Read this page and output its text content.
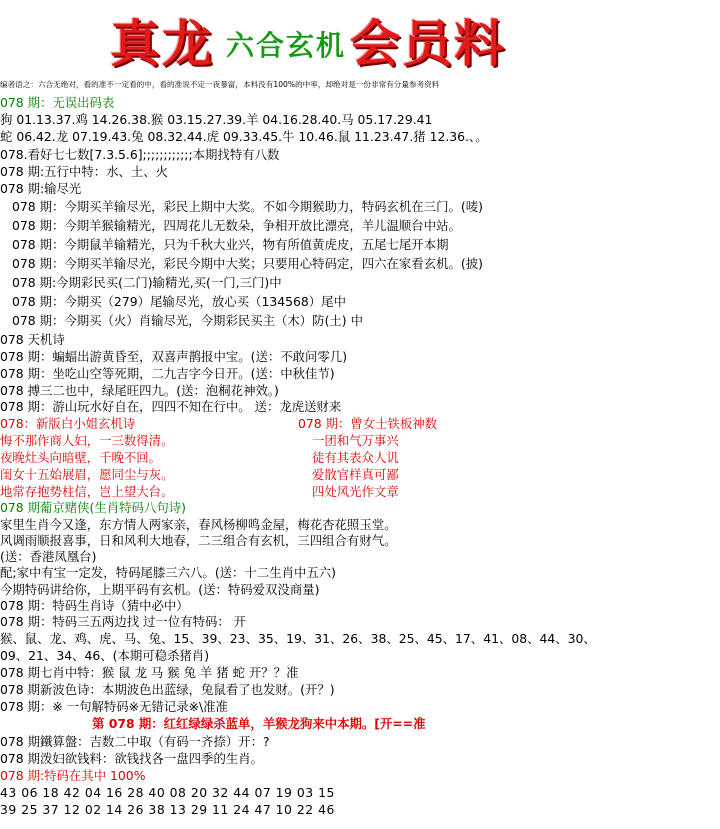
真龙 六合玄机 会员料
编者语之：六合无绝对，看的准不一定看的中，看的准说不定一夜暴富，本料没有100%的中率，却绝对是一份非常有分量参考资料
078 期：无误出码表
狗 01.13.37.鸡 14.26.38.猴 03.15.27.39.羊 04.16.28.40.马 05.17.29.41
蛇 06.42.龙 07.19.43.兔 08.32.44.虎 09.33.45.牛 10.46.鼠 11.23.47.猪 12.36.、。
078.看好七七数[7.3.5.6];;;;;;;;;;;;本期找特有八数
078 期:五行中特：水、土、火
078 期:输尽光
078 期：今期买羊输尽光，彩民上期中大奖。不如今期猴助力，特码玄机在三门。(唛)
078 期：今期羊猴输精光，四周花儿无数朵，争相开放比漂亮，羊儿温顺台中站。
078 期：今期鼠羊输精光，只为千秋大业兴，物有所值黄虎皮，五尾七尾开本期
078 期：今期买羊输尽光，彩民今期中大奖；只要用心特码定，四六在家看玄机。(披)
078 期:今期彩民买(二门)输精光,买(一门,三门)中
078 期：今期买（279）尾输尽光，放心买（134568）尾中
078 期：今期买（火）肖输尽光，今期彩民买主（木）防(土) 中
078 天机诗
078 期：蝙蝠出游黄昏至，双喜声鹊报中宝。(送：不敢问零几)
078 期：坐吃山空等死期，二九吉字今日开。(送：中秋佳节)
078 搏三二也中，绿尾旺四九。(送：泡桐花神效。)
078 期：游山玩水好自在，四四不知在行中。 送：龙虎送财来
078：新版白小姐玄机诗	078 期：曾女士铁板神数
悔不那作商人妇，一三数得清。	一团和气万事兴
夜晚灶头向暗壁，千晚不回。	徒有其表众人讥
闺女十五始展眉，愿同尘与灰。	爱散官样真可鄙
地常存抱势柱信，岂上望大台。	四处风光作文章
078 期葡京赌侠(生肖特码八句诗)
家里生肖今又逢，东方情人两家亲，春风杨柳鸣金屋，梅花杏花照玉堂。
风调雨顺报喜事，日和风利大地春，二三组合有玄机，三四组合有财气。
(送：香港凤凰台)
配;家中有宝一定发，特码尾膝三六八。(送：十二生肖中五六)
今期特码讲给你，上期平码有玄机。(送：特码爱双没商量)
078 期：特码生肖诗（猜中必中）
078 期：特码三五两边找 过一位有特码： 开
猴、鼠、龙、鸡、虎、马、兔、15、39、23、35、19、31、26、38、25、45、17、41、08、44、30、
09、21、34、46、(本期可稳杀猪肖)
078 期七肖中特：猴 鼠 龙 马 猴 兔 羊 猪 蛇 开？？准
078 期新波色诗：本期波色出蓝绿，兔鼠看了也发财。(开？)
078 期：※ 一句解特码※无错记录※\准准
第 078 期：红红绿绿杀蓝单，羊猴龙狗来中本期。[开==准
078 期鐵算盤：吉数二中取（有码一齐捺）开：?
078 期泼妇欲钱料：欲钱找各一盘四季的生肖。
078 期:特码在其中 100%
43 06 18 42 04 16 28 40 08 20 32 44 07 19 03 15
39 25 37 12 02 14 26 38 13 29 11 24 47 10 22 46
